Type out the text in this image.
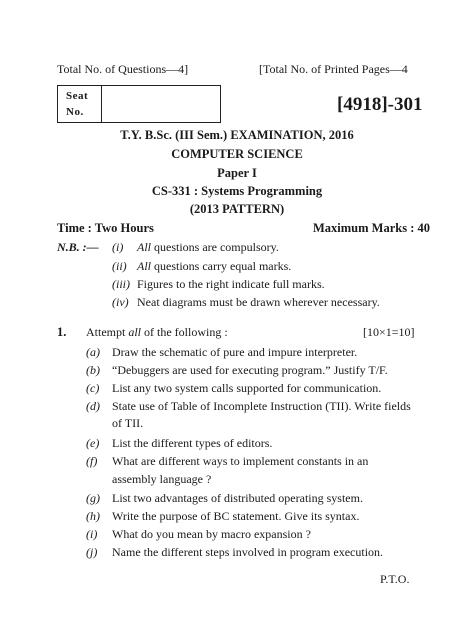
Total No. of Questions—4]	[Total No. of Printed Pages—4
Seat
No.	[4918]-301
T.Y. B.Sc. (III Sem.) EXAMINATION, 2016
COMPUTER SCIENCE
Paper I
CS-331 : Systems Programming
(2013 PATTERN)
Time : Two Hours	Maximum Marks : 40
N.B. :— (i) All questions are compulsory.
(ii) All questions carry equal marks.
(iii) Figures to the right indicate full marks.
(iv) Neat diagrams must be drawn wherever necessary.
1. Attempt all of the following :	[10×1=10]
(a) Draw the schematic of pure and impure interpreter.
(b) “Debuggers are used for executing program.” Justify T/F.
(c) List any two system calls supported for communication.
(d) State use of Table of Incomplete Instruction (TII). Write fields
of TII.
(e) List the different types of editors.
(f) What are different ways to implement constants in an
assembly language ?
(g) List two advantages of distributed operating system.
(h) Write the purpose of BC statement. Give its syntax.
(i) What do you mean by macro expansion ?
(j) Name the different steps involved in program execution.
P.T.O.
